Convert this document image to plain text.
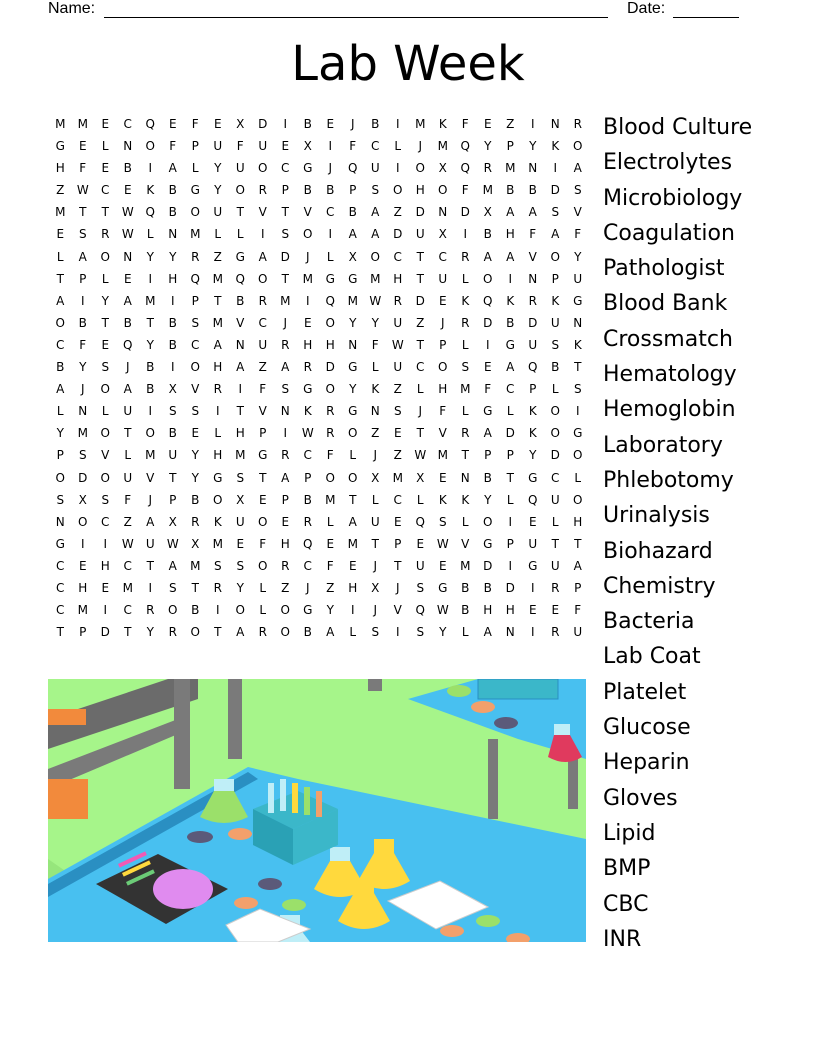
Name:	Date:
Lab Week
M	M	E	C	Q	E	F	E	X	D	I	B	E	J	B	I	M	K	F	E	Z	I	N	R
G	E	L	N	O	F	P	U	F	U	E	X	I	F	C	L	J	M	Q	Y	P	Y	K	O
H	F	E	B	I	A	L	Y	U	O	C	G	J	Q	U	I	O	X	Q	R	M	N	I	A
Z	W	C	E	K	B	G	Y	O	R	P	B	B	P	S	O	H	O	F	M	B	B	D	S
M	T	T	W Q	B	O	U	T	V	T	V	C	B	A	Z	D	N	D	X	A	A	S	V
E	S	R	W	L	N	M	L	L	I	S	O	I	A	A	D	U	X	I	B	H	F	A	F
L	A	O	N	Y	Y	R	Z	G	A	D	J	L	X	O	C	T	C	R	A	A	V	O	Y
T	P	L	E	I	H	Q	M	Q	O	T	M	G	G	M	H	T	U	L	O	I	N	P	U
A	I	Y	A	M	I	P	T	B	R	M	I	Q	M W	R	D	E	K	Q	K	R	K	G
O	B	T	B	T	B	S	M	V	C	J	E	O	Y	Y	U	Z	J	R	D	B	D	U	N
C	F	E	Q	Y	B	C	A	N	U	R	H	H	N	F	W	T	P	L	I	G	U	S	K
B	Y	S	J	B	I	O	H	A	Z	A	R	D	G	L	U	C	O	S	E	A	Q	B	T
A	J	O	A	B	X	V	R	I	F	S	G	O	Y	K	Z	L	H	M	F	C	P	L	S
L	N	L	U	I	S	S	I	T	V	N	K	R	G	N	S	J	F	L	G	L	K	O	I
Y	M	O	T	O	B	E	L	H	P	I	W	R	O	Z	E	T	V	R	A	D	K	O	G
P	S	V	L	M	U	Y	H	M	G	R	C	F	L	J	Z	W M	T	P	P	Y	D	O
O	D	O	U	V	T	Y	G	S	T	A	P	O	O	X	M	X	E	N	B	T	G	C	L
S	X	S	F	J	P	B	O	X	E	P	B	M	T	L	C	L	K	K	Y	L	Q	U	O
N	O	C	Z	A	X	R	K	U	O	E	R	L	A	U	E	Q	S	L	O	I	E	L	H
G	I	I	W	U	W	X	M	E	F	H	Q	E	M	T	P	E	W	V	G	P	U	T	T
C	E	H	C	T	A	M	S	S	O	R	C	F	E	J	T	U	E	M	D	I	G	U	A
C	H	E	M	I	S	T	R	Y	L	Z	J	Z	H	X	J	S	G	B	B	D	I	R	P
C	M	I	C	R	O	B	I	O	L	O	G	Y	I	J	V	Q W	B	H	H	E	E	F
T	P	D	T	Y	R	O	T	A	R	O	B	A	L	S	I	S	Y	L	A	N	I	R	U
Blood Culture
Electrolytes
Microbiology
Coagulation
Pathologist
Blood Bank
Crossmatch
Hematology
Hemoglobin
Laboratory
Phlebotomy
Urinalysis
Biohazard
Chemistry
Bacteria
Lab Coat
Platelet
Glucose
Heparin
Gloves
Lipid
BMP
CBC
INR
